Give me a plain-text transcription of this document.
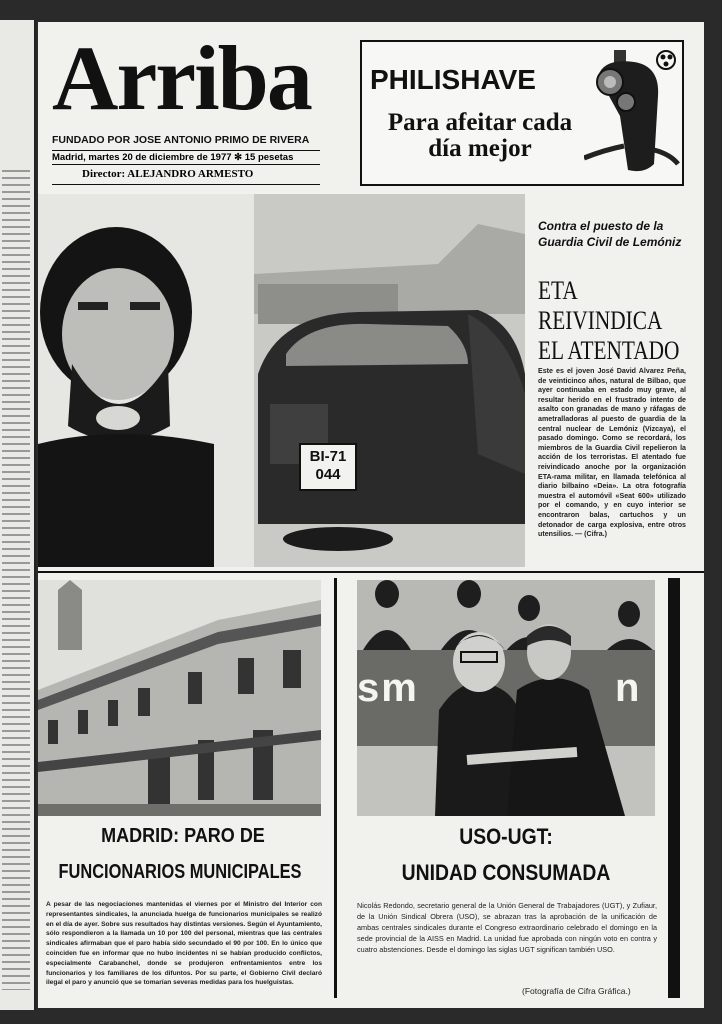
Arriba
FUNDADO POR JOSE ANTONIO PRIMO DE RIVERA
Madrid, martes 20 de diciembre de 1977 ✻ 15 pesetas
Director: ALEJANDRO ARMESTO
PHILISHAVE
Para afeitar cada día mejor
BI-71 044
Contra el puesto de la Guardia Civil de Lemóniz
ETA
REIVINDICA
EL ATENTADO
Este es el joven José David Alvarez Peña, de veinticinco años, natural de Bilbao, que ayer continuaba en estado muy grave, al resultar herido en el frustrado intento de asalto con granadas de mano y ráfagas de ametralladoras al puesto de guardia de la central nuclear de Lemóniz (Vizcaya), el pasado domingo. Como se recordará, los miembros de la Guardia Civil repelieron la acción de los terroristas. El atentado fue reivindicado anoche por la organización ETA-rama militar, en llamada telefónica al diario bilbaíno «Deia». La otra fotografía muestra el automóvil «Seat 600» utilizado por el comando, y en cuyo interior se encontraron balas, cartuchos y un detonador de carga explosiva, entre otros utensilios. — (Cifra.)
MADRID: PARO DE
FUNCIONARIOS MUNICIPALES
A pesar de las negociaciones mantenidas el viernes por el Ministro del Interior con representantes sindicales, la anunciada huelga de funcionarios municipales se realizó en el día de ayer. Sobre sus resultados hay distintas versiones. Según el Ayuntamiento, sólo respondieron a la llamada un 10 por 100 del personal, mientras que las centrales sindicales afirmaban que el paro había sido secundado el 90 por 100. En lo único que coinciden fue en informar que no hubo incidentes ni se habían producido conflictos, especialmente Carabanchel, donde se produjeron enfrentamientos entre los funcionarios y los familiares de los difuntos. Por su parte, el Gobierno Civil declaró ilegal el paro y anunció que se tomarían severas medidas para los huelguistas.
sm	n
USO-UGT:
UNIDAD CONSUMADA
Nicolás Redondo, secretario general de la Unión General de Trabajadores (UGT), y Zufiaur, de la Unión Sindical Obrera (USO), se abrazan tras la aprobación de la unificación de ambas centrales sindicales durante el Congreso extraordinario celebrado el domingo en la sede provincial de la AISS en Madrid. La unidad fue aprobada con ningún voto en contra y cuatro abstenciones. Desde el domingo las siglas UGT significan también USO.
(Fotografía de Cifra Gráfica.)
